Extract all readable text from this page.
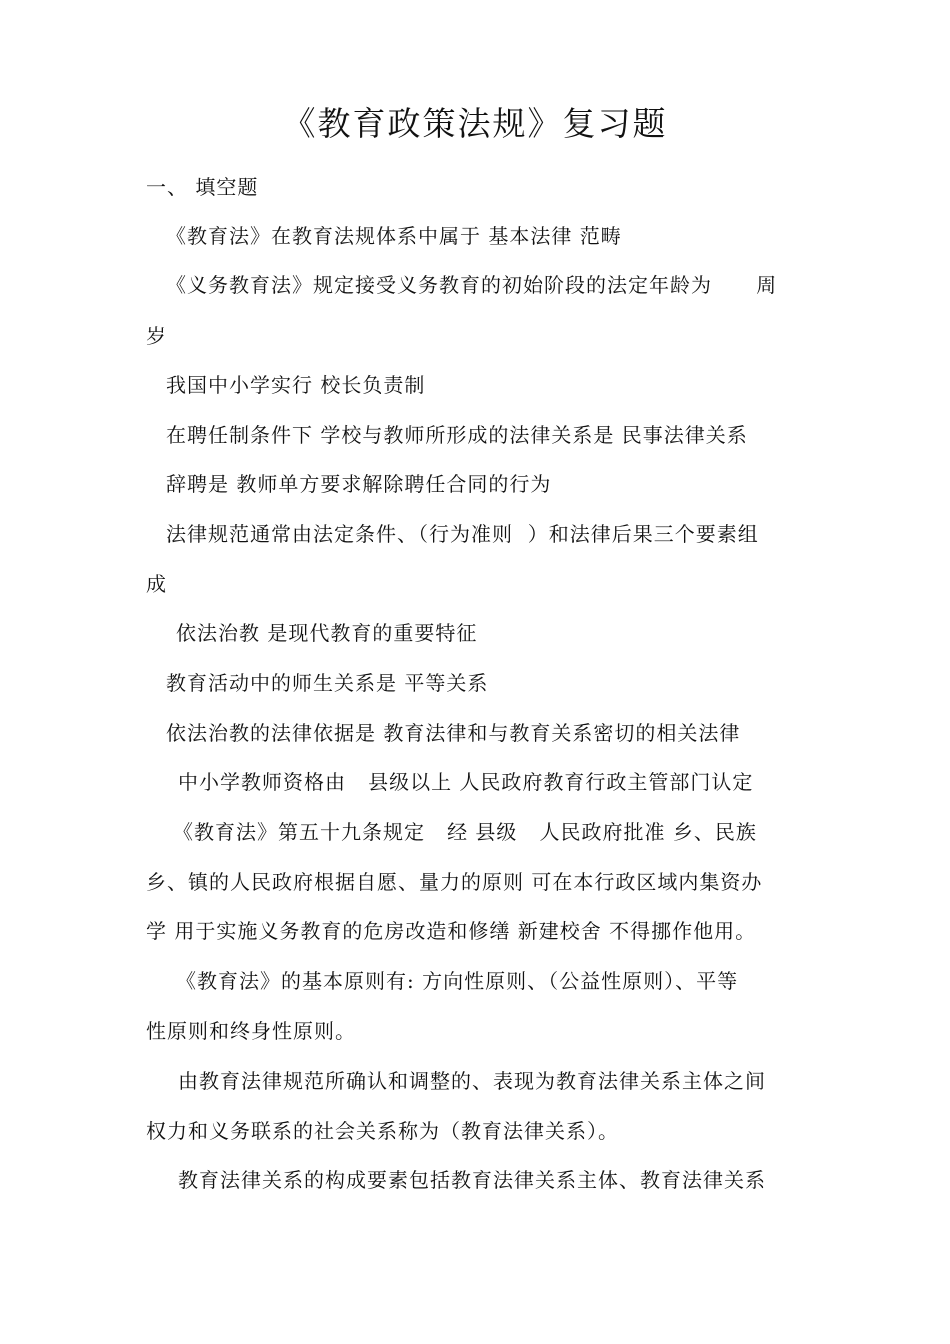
《教育政策法规》复习题
一、 填空题
《教育法》在教育法规体系中属于 基本法律 范畴
《义务教育法》规定接受义务教育的初始阶段的法定年龄为      周
岁
我国中小学实行 校长负责制
在聘任制条件下 学校与教师所形成的法律关系是 民事法律关系
辞聘是 教师单方要求解除聘任合同的行为
法律规范通常由法定条件、（行为准则  ）和法律后果三个要素组
成
依法治教 是现代教育的重要特征
教育活动中的师生关系是 平等关系
依法治教的法律依据是 教育法律和与教育关系密切的相关法律
中小学教师资格由   县级以上 人民政府教育行政主管部门认定
《教育法》第五十九条规定   经 县级   人民政府批准 乡、民族
乡、镇的人民政府根据自愿、量力的原则 可在本行政区域内集资办
学 用于实施义务教育的危房改造和修缮 新建校舍 不得挪作他用。
《教育法》的基本原则有: 方向性原则、（公益性原则）、平等
性原则和终身性原则。
由教育法律规范所确认和调整的、表现为教育法律关系主体之间
权力和义务联系的社会关系称为（教育法律关系）。
教育法律关系的构成要素包括教育法律关系主体、教育法律关系
